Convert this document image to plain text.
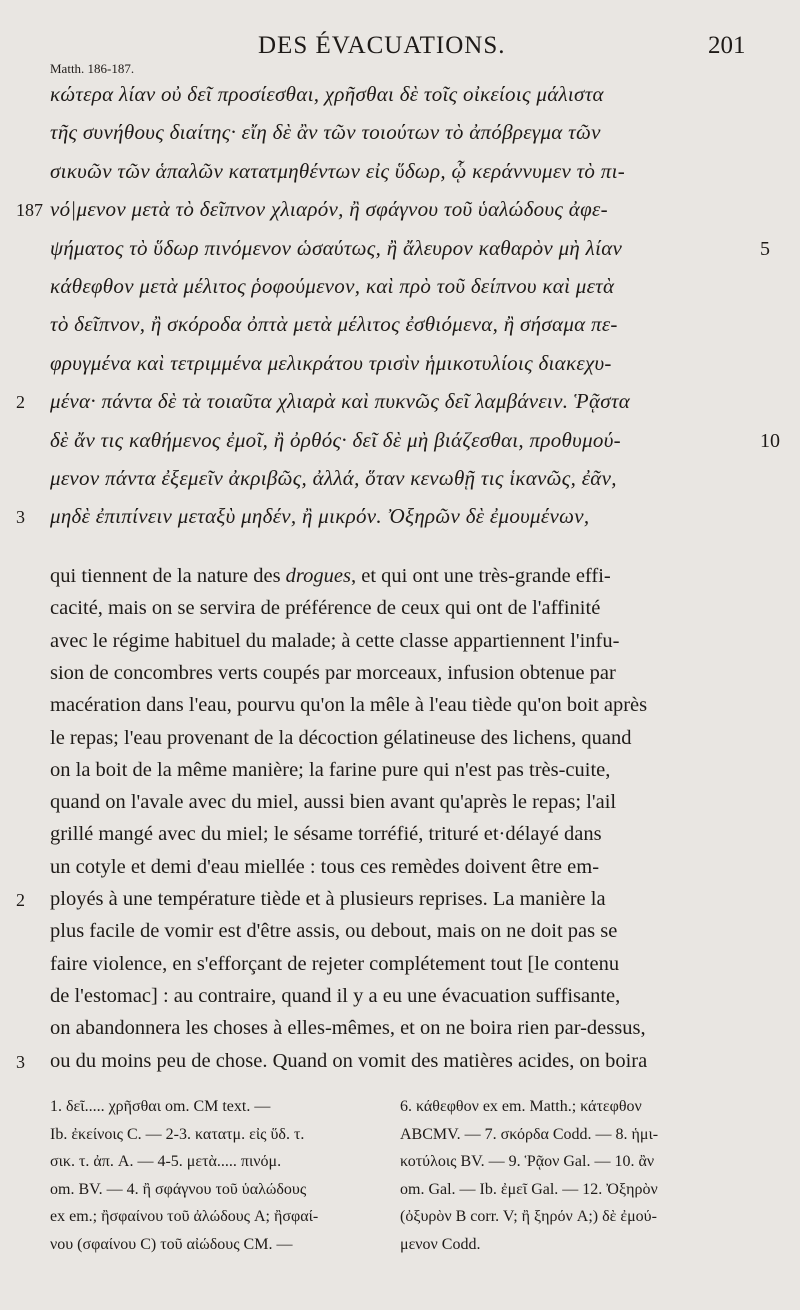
DES ÉVACUATIONS.	201
Matth. 186-187.
κώτερα λίαν οὐ δεῖ προσίεσθαι, χρῆσθαι δὲ τοῖς οἰκείοις μάλιστα
τῆς συνήθους διαίτης· εἴη δὲ ἂν τῶν τοιούτων τὸ ἀπόβρεγμα τῶν
σικυῶν τῶν ἁπαλῶν κατατμηθέντων εἰς ὕδωρ, ᾧ κεράννυμεν τὸ πι-
νό|μενον μετὰ τὸ δεῖπνον χλιαρόν, ἢ σφάγνου τοῦ ὑαλώδους ἀφε-
ψήματος τὸ ὕδωρ πινόμενον ὡσαύτως, ἢ ἄλευρον καθαρὸν μὴ λίαν
κάθεφθον μετὰ μέλιτος ῥοφούμενον, καὶ πρὸ τοῦ δείπνου καὶ μετὰ
τὸ δεῖπνον, ἢ σκόροδα ὀπτὰ μετὰ μέλιτος ἐσθιόμενα, ἢ σήσαμα πε-
φρυγμένα καὶ τετριμμένα μελικράτου τρισὶν ἡμικοτυλίοις διακεχυ-
μένα· πάντα δὲ τὰ τοιαῦτα χλιαρὰ καὶ πυκνῶς δεῖ λαμβάνειν. Ῥᾷστα
δὲ ἄν τις καθήμενος ἐμοῖ, ἢ ὀρθός· δεῖ δὲ μὴ βιάζεσθαι, προθυμού-
μενον πάντα ἐξεμεῖν ἀκριβῶς, ἀλλά, ὅταν κενωθῇ τις ἱκανῶς, ἐᾶν,
μηδὲ ἐπιπίνειν μεταξὺ μηδέν, ἢ μικρόν. Ὀξηρῶν δὲ ἐμουμένων,
187
2
3
5
10
qui tiennent de la nature des drogues, et qui ont une très-grande effi-
cacité, mais on se servira de préférence de ceux qui ont de l'affinité
avec le régime habituel du malade; à cette classe appartiennent l'infu-
sion de concombres verts coupés par morceaux, infusion obtenue par
macération dans l'eau, pourvu qu'on la mêle à l'eau tiède qu'on boit après
le repas; l'eau provenant de la décoction gélatineuse des lichens, quand
on la boit de la même manière; la farine pure qui n'est pas très-cuite,
quand on l'avale avec du miel, aussi bien avant qu'après le repas; l'ail
grillé mangé avec du miel; le sésame torréfié, trituré et·délayé dans
un cotyle et demi d'eau miellée : tous ces remèdes doivent être em-
ployés à une température tiède et à plusieurs reprises. La manière la
plus facile de vomir est d'être assis, ou debout, mais on ne doit pas se
faire violence, en s'efforçant de rejeter complétement tout [le contenu
de l'estomac] : au contraire, quand il y a eu une évacuation suffisante,
on abandonnera les choses à elles-mêmes, et on ne boira rien par-dessus,
ou du moins peu de chose. Quand on vomit des matières acides, on boira
2
3
1. δεῖ..... χρῆσθαι om. CM text. —
Ib. ἐκείνοις C. — 2-3. κατατμ. εἰς ὕδ. τ.
σικ. τ. ἀπ. A. — 4-5. μετὰ..... πινόμ.
om. BV. — 4. ἢ σφάγνου τοῦ ὑαλώδους
ex em.; ἢσφαίνου τοῦ ἀλώδους A; ἢσφαί-
νου (σφαίνου C) τοῦ αἰώδους CM. —
6. κάθεφθον ex em. Matth.; κάτεφθον
ABCMV. — 7. σκόρδα Codd. — 8. ἡμι-
κοτύλοις BV. — 9. Ῥᾷον Gal. — 10. ἂν
om. Gal. — Ib. ἐμεῖ Gal. — 12. Ὀξηρὸν
(ὀξυρὸν B corr. V; ἢ ξηρόν A;) δὲ ἐμού-
μενον Codd.
